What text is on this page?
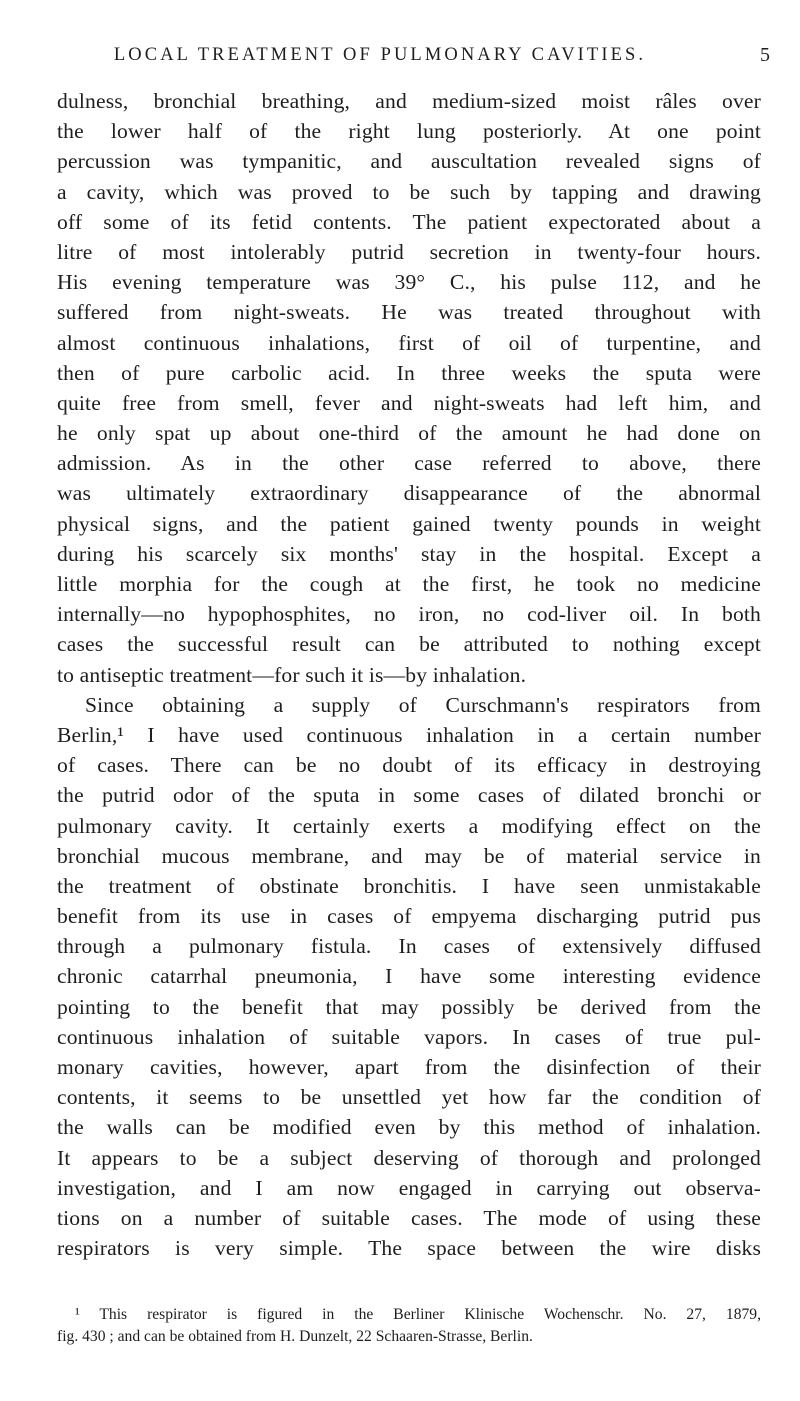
LOCAL TREATMENT OF PULMONARY CAVITIES.	5
dulness, bronchial breathing, and medium-sized moist râles over
the lower half of the right lung posteriorly. At one point
percussion was tympanitic, and auscultation revealed signs of
a cavity, which was proved to be such by tapping and drawing
off some of its fetid contents. The patient expectorated about a
litre of most intolerably putrid secretion in twenty-four hours.
His evening temperature was 39° C., his pulse 112, and he
suffered from night-sweats. He was treated throughout with
almost continuous inhalations, first of oil of turpentine, and
then of pure carbolic acid. In three weeks the sputa were
quite free from smell, fever and night-sweats had left him, and
he only spat up about one-third of the amount he had done on
admission. As in the other case referred to above, there
was ultimately extraordinary disappearance of the abnormal
physical signs, and the patient gained twenty pounds in weight
during his scarcely six months' stay in the hospital. Except a
little morphia for the cough at the first, he took no medicine
internally—no hypophosphites, no iron, no cod-liver oil. In both
cases the successful result can be attributed to nothing except
to antiseptic treatment—for such it is—by inhalation.
Since obtaining a supply of Curschmann's respirators from
Berlin,¹ I have used continuous inhalation in a certain number
of cases. There can be no doubt of its efficacy in destroying
the putrid odor of the sputa in some cases of dilated bronchi or
pulmonary cavity. It certainly exerts a modifying effect on the
bronchial mucous membrane, and may be of material service in
the treatment of obstinate bronchitis. I have seen unmistakable
benefit from its use in cases of empyema discharging putrid pus
through a pulmonary fistula. In cases of extensively diffused
chronic catarrhal pneumonia, I have some interesting evidence
pointing to the benefit that may possibly be derived from the
continuous inhalation of suitable vapors. In cases of true pul-
monary cavities, however, apart from the disinfection of their
contents, it seems to be unsettled yet how far the condition of
the walls can be modified even by this method of inhalation.
It appears to be a subject deserving of thorough and prolonged
investigation, and I am now engaged in carrying out observa-
tions on a number of suitable cases. The mode of using these
respirators is very simple. The space between the wire disks
¹ This respirator is figured in the Berliner Klinische Wochenschr. No. 27, 1879,
fig. 430 ; and can be obtained from H. Dunzelt, 22 Schaaren-Strasse, Berlin.
